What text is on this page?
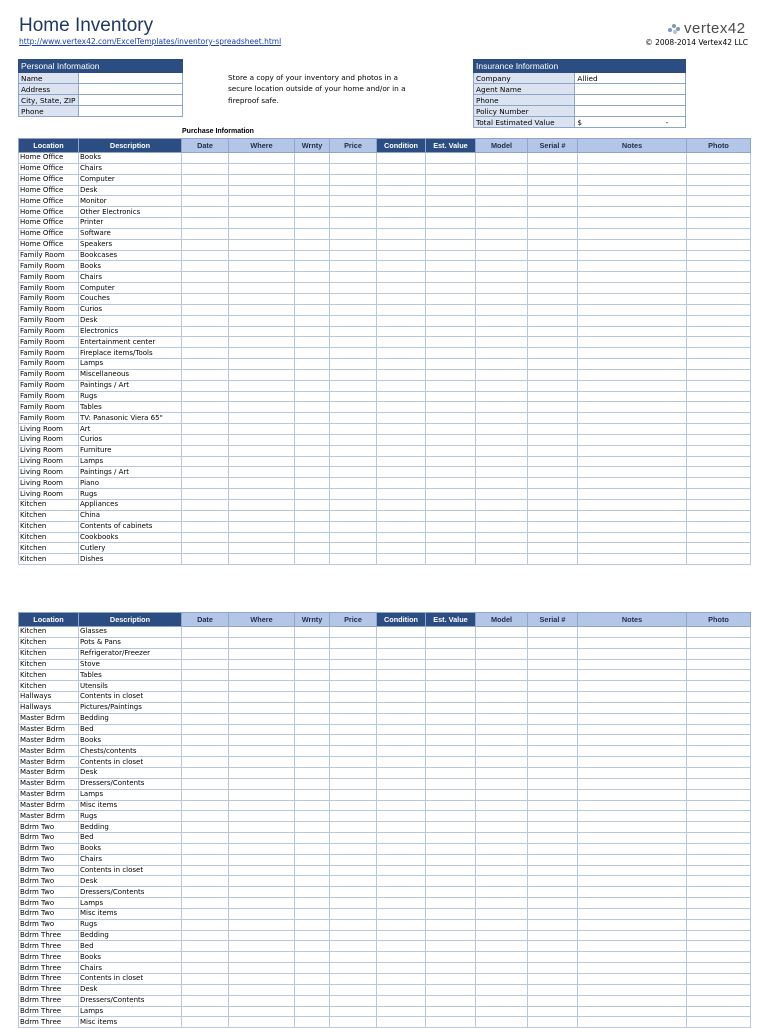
Home Inventory
http://www.vertex42.com/ExcelTemplates/inventory-spreadsheet.html
vertex42
© 2008-2014 Vertex42 LLC
Personal Information	
Name	
Address	
City, State, ZIP	
Phone	
Store a copy of your inventory and photos in a secure location outside of your home and/or in a fireproof safe.
Insurance Information	
Company	Allied
Agent Name	
Phone	
Policy Number	
Total Estimated Value	$                                    -
Purchase Information
Location	Description	Date	Where	Wrnty	Price	Condition	Est. Value	Model	Serial #	Notes	Photo
Home Office	Books										
Home Office	Chairs										
Home Office	Computer										
Home Office	Desk										
Home Office	Monitor										
Home Office	Other Electronics										
Home Office	Printer										
Home Office	Software										
Home Office	Speakers										
Family Room	Bookcases										
Family Room	Books										
Family Room	Chairs										
Family Room	Computer										
Family Room	Couches										
Family Room	Curios										
Family Room	Desk										
Family Room	Electronics										
Family Room	Entertainment center										
Family Room	Fireplace items/Tools										
Family Room	Lamps										
Family Room	Miscellaneous										
Family Room	Paintings / Art										
Family Room	Rugs										
Family Room	Tables										
Family Room	TV: Panasonic Viera 65"										
Living Room	Art										
Living Room	Curios										
Living Room	Furniture										
Living Room	Lamps										
Living Room	Paintings / Art										
Living Room	Piano										
Living Room	Rugs										
Kitchen	Appliances										
Kitchen	China										
Kitchen	Contents of cabinets										
Kitchen	Cookbooks										
Kitchen	Cutlery										
Kitchen	Dishes										
Location	Description	Date	Where	Wrnty	Price	Condition	Est. Value	Model	Serial #	Notes	Photo
Kitchen	Glasses										
Kitchen	Pots & Pans										
Kitchen	Refrigerator/Freezer										
Kitchen	Stove										
Kitchen	Tables										
Kitchen	Utensils										
Hallways	Contents in closet										
Hallways	Pictures/Paintings										
Master Bdrm	Bedding										
Master Bdrm	Bed										
Master Bdrm	Books										
Master Bdrm	Chests/contents										
Master Bdrm	Contents in closet										
Master Bdrm	Desk										
Master Bdrm	Dressers/Contents										
Master Bdrm	Lamps										
Master Bdrm	Misc items										
Master Bdrm	Rugs										
Bdrm Two	Bedding										
Bdrm Two	Bed										
Bdrm Two	Books										
Bdrm Two	Chairs										
Bdrm Two	Contents in closet										
Bdrm Two	Desk										
Bdrm Two	Dressers/Contents										
Bdrm Two	Lamps										
Bdrm Two	Misc items										
Bdrm Two	Rugs										
Bdrm Three	Bedding										
Bdrm Three	Bed										
Bdrm Three	Books										
Bdrm Three	Chairs										
Bdrm Three	Contents in closet										
Bdrm Three	Desk										
Bdrm Three	Dressers/Contents										
Bdrm Three	Lamps										
Bdrm Three	Misc items										
